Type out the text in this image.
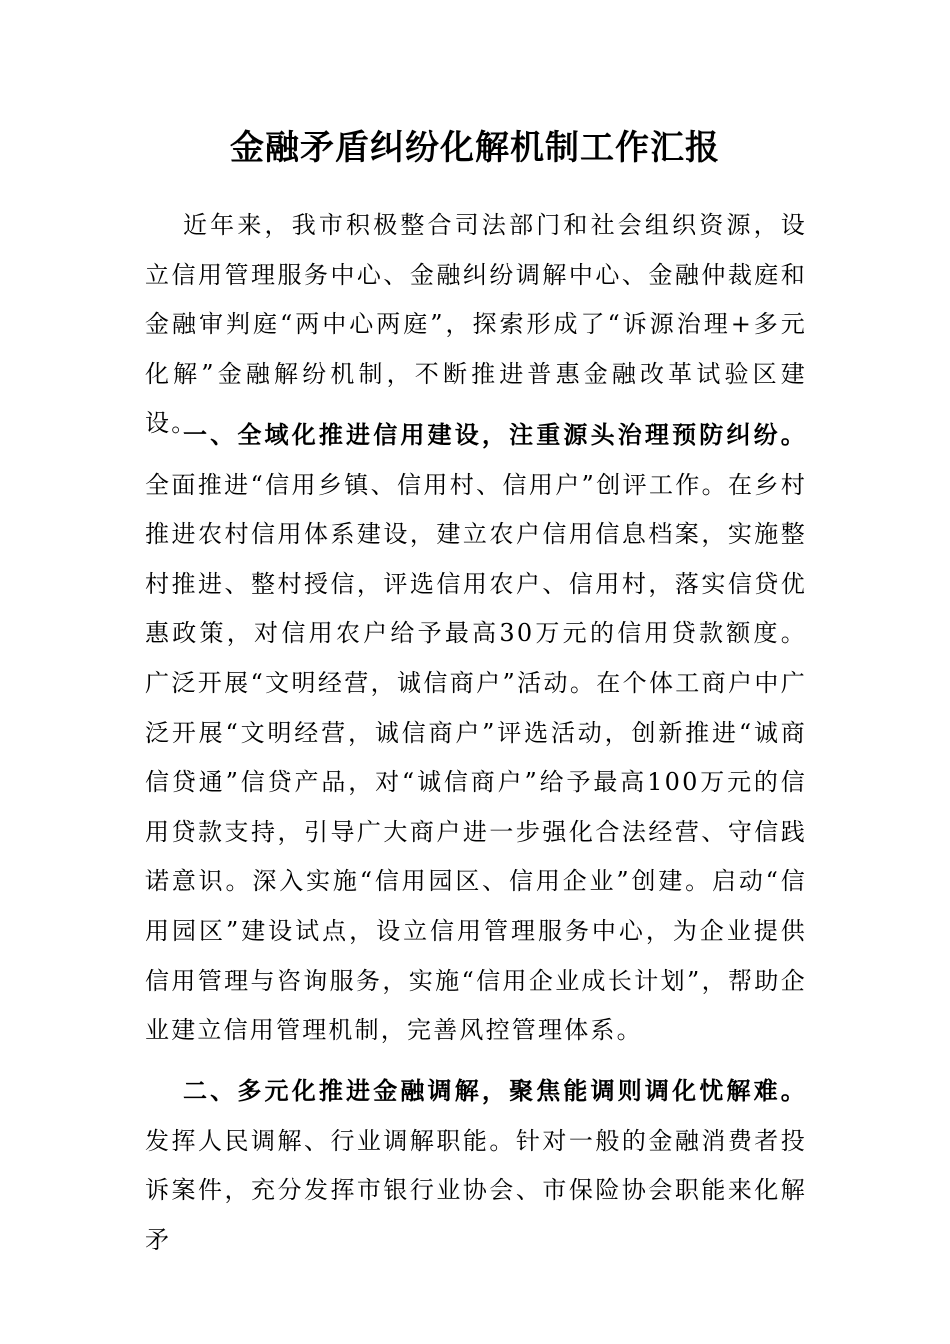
金融矛盾纠纷化解机制工作汇报

近年来，我市积极整合司法部门和社会组织资源，设立信用管理服务中心、金融纠纷调解中心、金融仲裁庭和金融审判庭“两中心两庭”，探索形成了“诉源治理+多元化解”金融解纷机制，不断推进普惠金融改革试验区建设。

一、全域化推进信用建设，注重源头治理预防纠纷。全面推进“信用乡镇、信用村、信用户”创评工作。在乡村推进农村信用体系建设，建立农户信用信息档案，实施整村推进、整村授信，评选信用农户、信用村，落实信贷优惠政策，对信用农户给予最高30万元的信用贷款额度。广泛开展“文明经营，诚信商户”活动。在个体工商户中广泛开展“文明经营，诚信商户”评选活动，创新推进“诚商信贷通”信贷产品，对“诚信商户”给予最高100万元的信用贷款支持，引导广大商户进一步强化合法经营、守信践诺意识。深入实施“信用园区、信用企业”创建。启动“信用园区”建设试点，设立信用管理服务中心，为企业提供信用管理与咨询服务，实施“信用企业成长计划”，帮助企业建立信用管理机制，完善风控管理体系。

二、多元化推进金融调解，聚焦能调则调化忧解难。发挥人民调解、行业调解职能。针对一般的金融消费者投诉案件，充分发挥市银行业协会、市保险协会职能来化解矛
